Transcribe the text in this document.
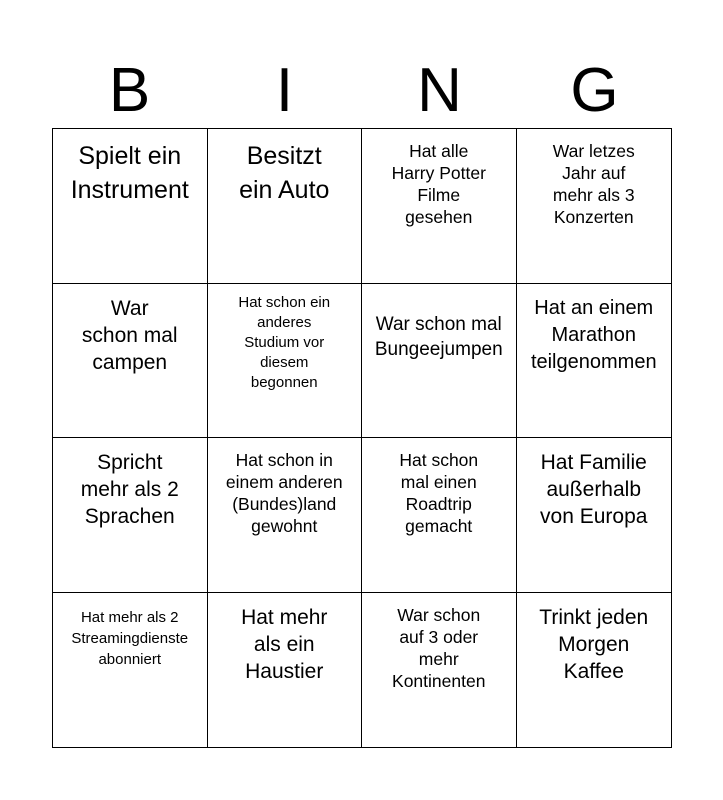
B	I	N	G
Spielt ein
Instrument
Besitzt
ein Auto
Hat alle
Harry Potter
Filme
gesehen
War letzes
Jahr auf
mehr als 3
Konzerten
War
schon mal
campen
Hat schon ein
anderes
Studium vor
diesem
begonnen
War schon mal
Bungeejumpen
Hat an einem
Marathon
teilgenommen
Spricht
mehr als 2
Sprachen
Hat schon in
einem anderen
(Bundes)land
gewohnt
Hat schon
mal einen
Roadtrip
gemacht
Hat Familie
außerhalb
von Europa
Hat mehr als 2
Streamingdienste
abonniert
Hat mehr
als ein
Haustier
War schon
auf 3 oder
mehr
Kontinenten
Trinkt jeden
Morgen
Kaffee
